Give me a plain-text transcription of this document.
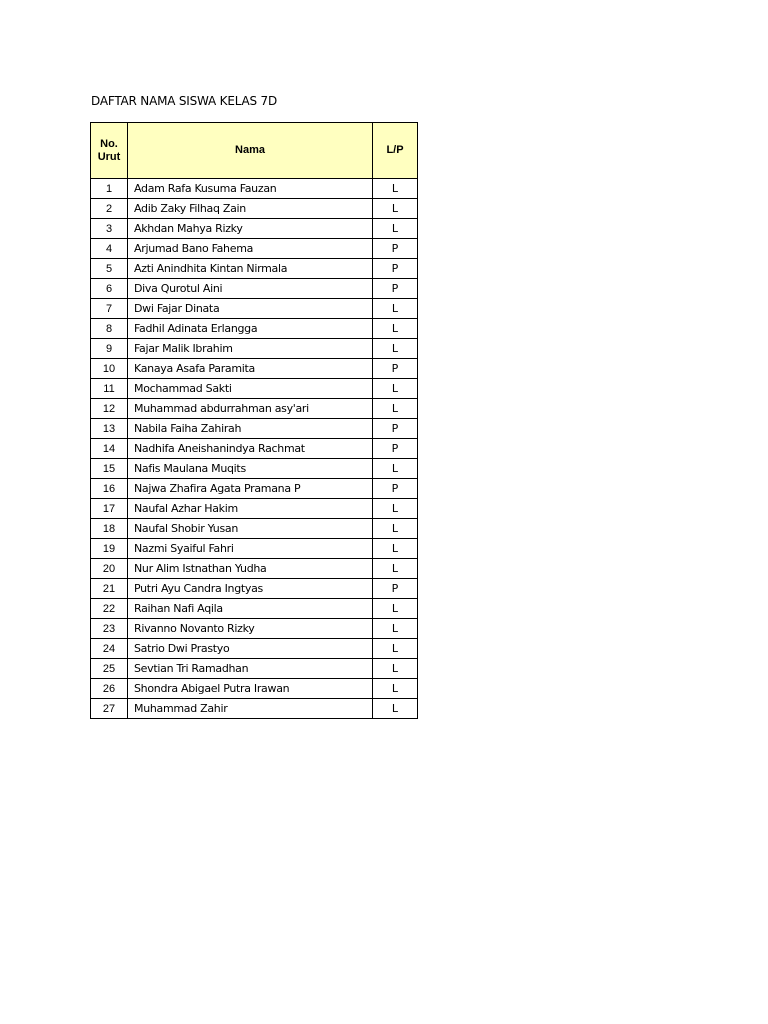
DAFTAR NAMA SISWA KELAS 7D
No. Urut	Nama	L/P
1	Adam Rafa Kusuma Fauzan	L
2	Adib Zaky Filhaq Zain	L
3	Akhdan Mahya Rizky	L
4	Arjumad Bano Fahema	P
5	Azti Anindhita Kintan Nirmala	P
6	Diva Qurotul Aini	P
7	Dwi Fajar Dinata	L
8	Fadhil Adinata Erlangga	L
9	Fajar Malik Ibrahim	L
10	Kanaya Asafa Paramita	P
11	Mochammad Sakti	L
12	Muhammad abdurrahman asy'ari	L
13	Nabila Faiha Zahirah	P
14	Nadhifa Aneishanindya Rachmat	P
15	Nafis Maulana Muqits	L
16	Najwa Zhafira Agata Pramana P	P
17	Naufal Azhar Hakim	L
18	Naufal Shobir Yusan	L
19	Nazmi Syaiful Fahri	L
20	Nur Alim Istnathan Yudha	L
21	Putri Ayu Candra Ingtyas	P
22	Raihan Nafi Aqila	L
23	Rivanno Novanto Rizky	L
24	Satrio Dwi Prastyo	L
25	Sevtian Tri Ramadhan	L
26	Shondra Abigael Putra Irawan	L
27	Muhammad Zahir	L
